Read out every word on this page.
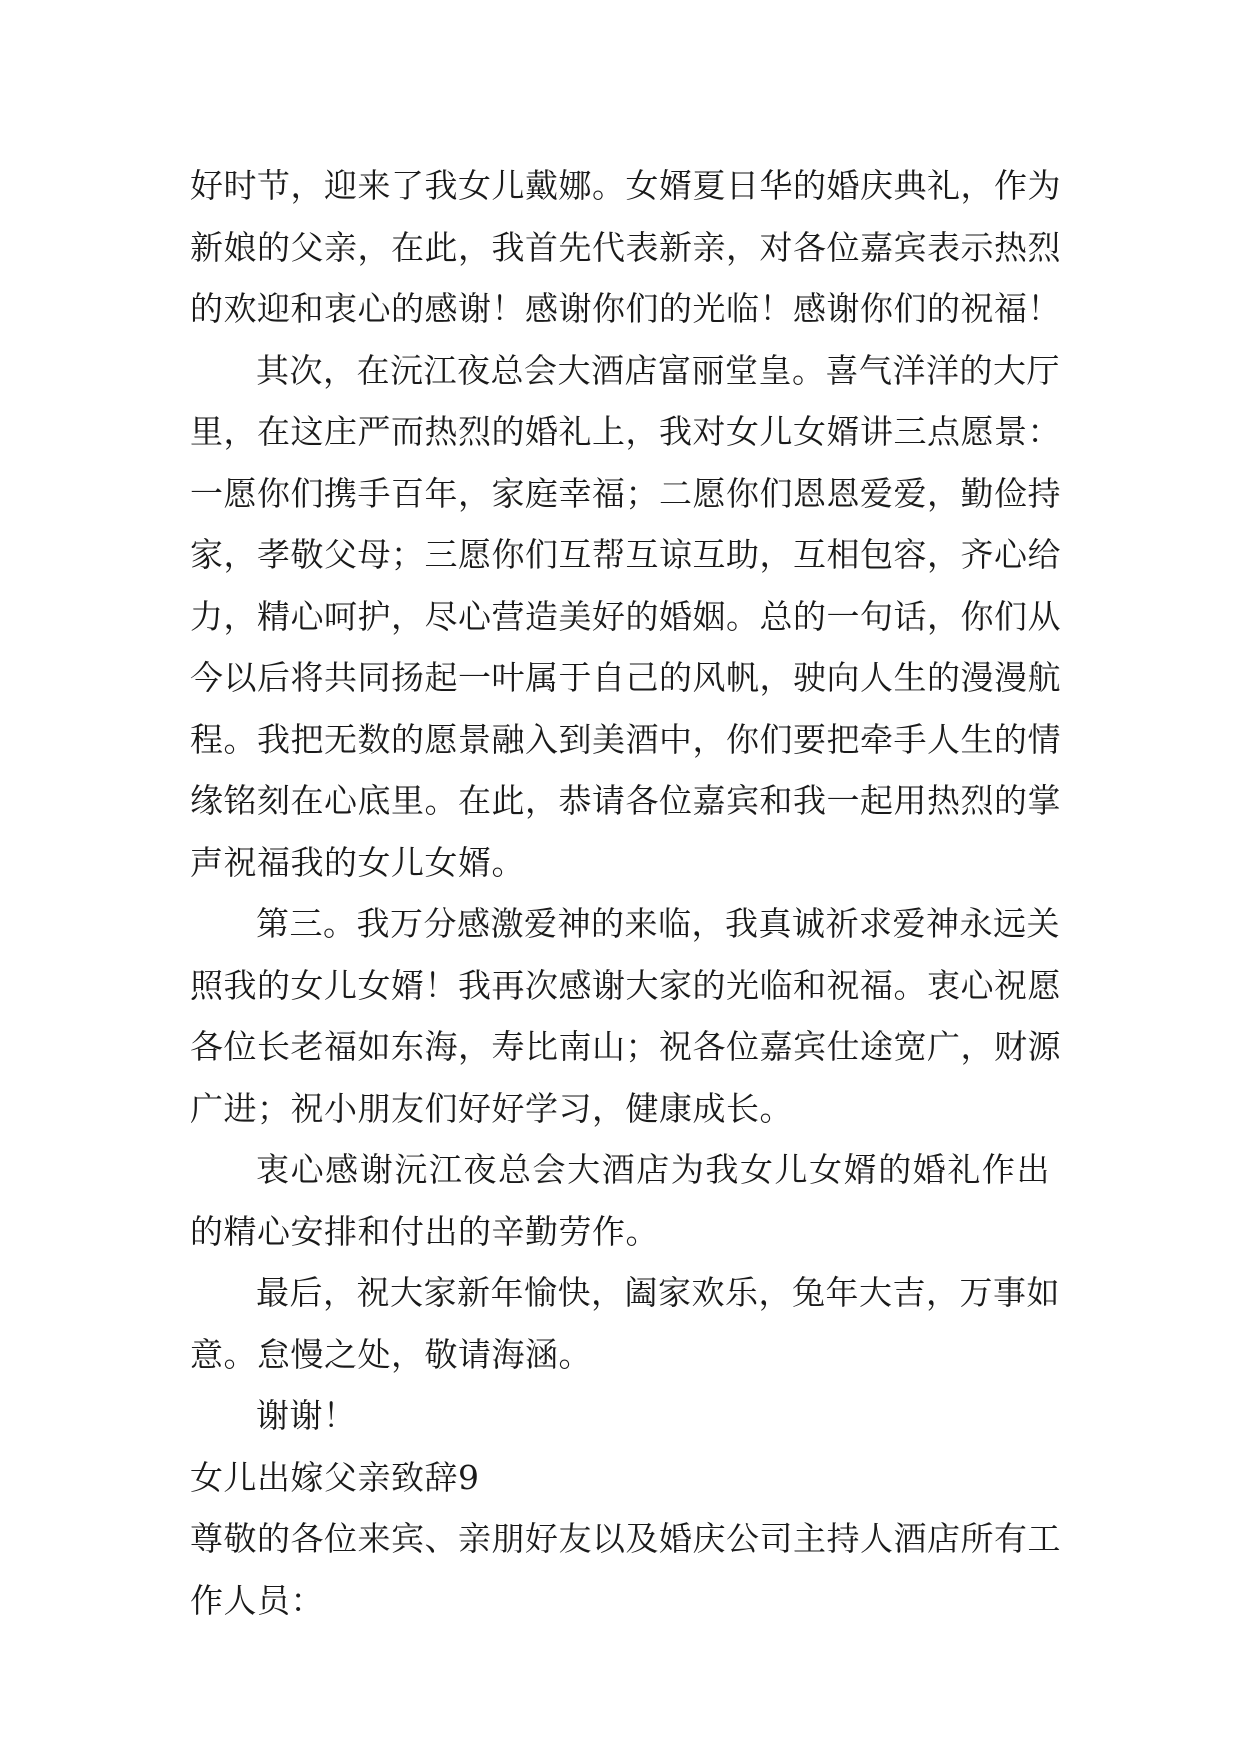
好时节，迎来了我女儿戴娜。女婿夏日华的婚庆典礼，作为
新娘的父亲，在此，我首先代表新亲，对各位嘉宾表示热烈
的欢迎和衷心的感谢！感谢你们的光临！感谢你们的祝福！
其次，在沅江夜总会大酒店富丽堂皇。喜气洋洋的大厅
里，在这庄严而热烈的婚礼上，我对女儿女婿讲三点愿景：
一愿你们携手百年，家庭幸福；二愿你们恩恩爱爱，勤俭持
家，孝敬父母；三愿你们互帮互谅互助，互相包容，齐心给
力，精心呵护，尽心营造美好的婚姻。总的一句话，你们从
今以后将共同扬起一叶属于自己的风帆，驶向人生的漫漫航
程。我把无数的愿景融入到美酒中，你们要把牵手人生的情
缘铭刻在心底里。在此，恭请各位嘉宾和我一起用热烈的掌
声祝福我的女儿女婿。
第三。我万分感激爱神的来临，我真诚祈求爱神永远关
照我的女儿女婿！我再次感谢大家的光临和祝福。衷心祝愿
各位长老福如东海，寿比南山；祝各位嘉宾仕途宽广，财源
广进；祝小朋友们好好学习，健康成长。
衷心感谢沅江夜总会大酒店为我女儿女婿的婚礼作出
的精心安排和付出的辛勤劳作。
最后，祝大家新年愉快，阖家欢乐，兔年大吉，万事如
意。怠慢之处，敬请海涵。
谢谢！
女儿出嫁父亲致辞9
尊敬的各位来宾、亲朋好友以及婚庆公司主持人酒店所有工
作人员：
